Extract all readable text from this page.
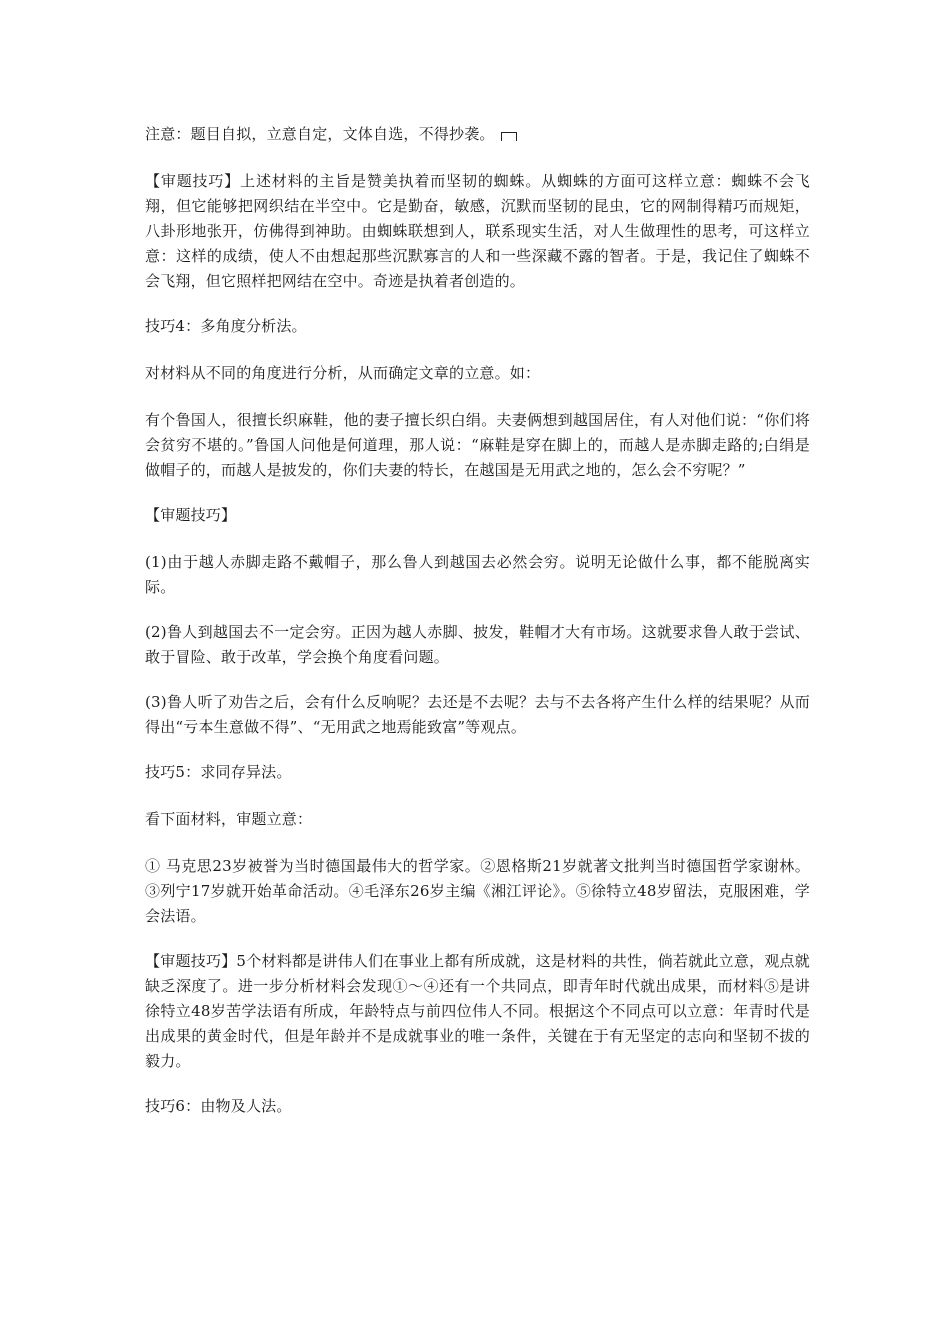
注意：题目自拟，立意自定，文体自选，不得抄袭。

【审题技巧】上述材料的主旨是赞美执着而坚韧的蜘蛛。从蜘蛛的方面可这样立意：蜘蛛不会飞翔，但它能够把网织结在半空中。它是勤奋，敏感，沉默而坚韧的昆虫，它的网制得精巧而规矩，八卦形地张开，仿佛得到神助。由蜘蛛联想到人，联系现实生活，对人生做理性的思考，可这样立意：这样的成绩，使人不由想起那些沉默寡言的人和一些深藏不露的智者。于是，我记住了蜘蛛不会飞翔，但它照样把网结在空中。奇迹是执着者创造的。

技巧4：多角度分析法。

对材料从不同的角度进行分析，从而确定文章的立意。如：

有个鲁国人，很擅长织麻鞋，他的妻子擅长织白绢。夫妻俩想到越国居住，有人对他们说：“你们将会贫穷不堪的。”鲁国人问他是何道理，那人说：“麻鞋是穿在脚上的，而越人是赤脚走路的;白绢是做帽子的，而越人是披发的，你们夫妻的特长，在越国是无用武之地的，怎么会不穷呢？”

【审题技巧】

(1)由于越人赤脚走路不戴帽子，那么鲁人到越国去必然会穷。说明无论做什么事，都不能脱离实际。

(2)鲁人到越国去不一定会穷。正因为越人赤脚、披发，鞋帽才大有市场。这就要求鲁人敢于尝试、敢于冒险、敢于改革，学会换个角度看问题。

(3)鲁人听了劝告之后，会有什么反响呢？去还是不去呢？去与不去各将产生什么样的结果呢？从而得出“亏本生意做不得”、“无用武之地焉能致富”等观点。

技巧5：求同存异法。

看下面材料，审题立意：

① 马克思23岁被誉为当时德国最伟大的哲学家。②恩格斯21岁就著文批判当时德国哲学家谢林。③列宁17岁就开始革命活动。④毛泽东26岁主编《湘江评论》。⑤徐特立48岁留法，克服困难，学会法语。

【审题技巧】5个材料都是讲伟人们在事业上都有所成就，这是材料的共性，倘若就此立意，观点就缺乏深度了。进一步分析材料会发现①～④还有一个共同点，即青年时代就出成果，而材料⑤是讲徐特立48岁苦学法语有所成，年龄特点与前四位伟人不同。根据这个不同点可以立意：年青时代是出成果的黄金时代，但是年龄并不是成就事业的唯一条件，关键在于有无坚定的志向和坚韧不拔的毅力。

技巧6：由物及人法。
